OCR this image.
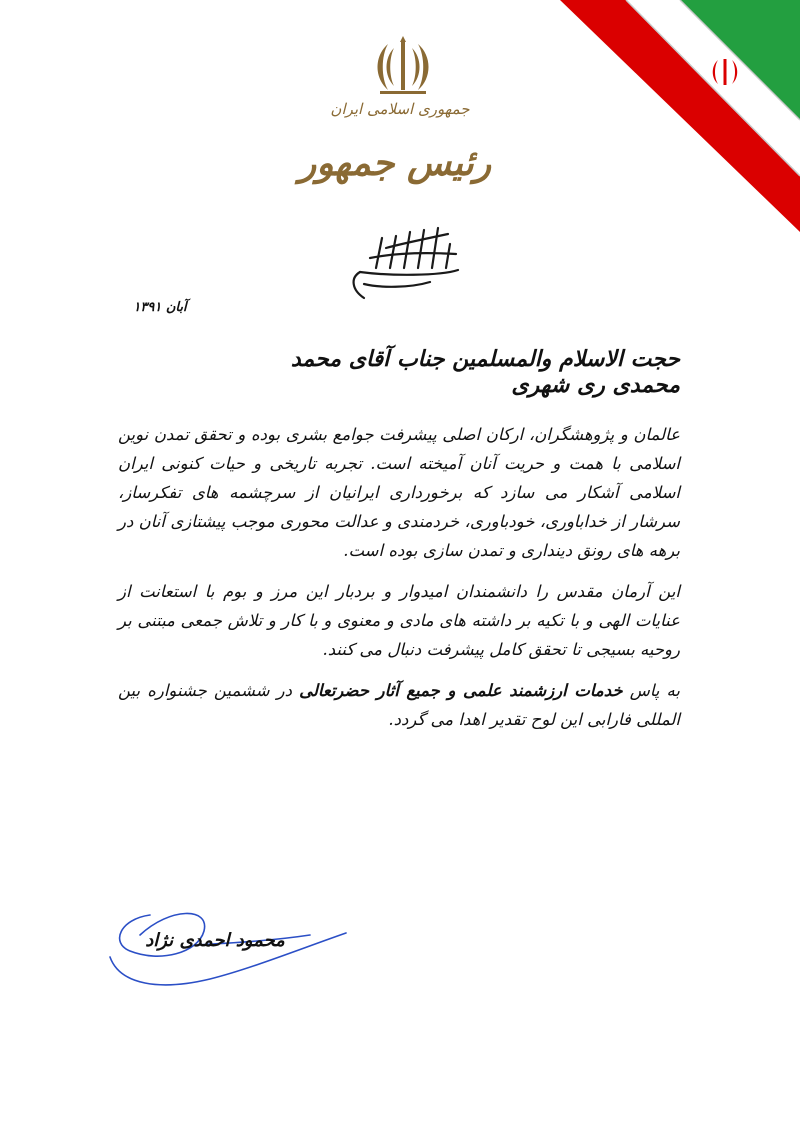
جمهوری اسلامی ایران
رئیس جمهور
آبان ۱۳۹۱
حجت الاسلام والمسلمین جناب آقای محمد محمدی ری شهری

عالمان و پژوهشگران، ارکان اصلی پیشرفت جوامع بشری بوده و تحقق تمدن نوین اسلامی با همت و حریت آنان آمیخته است. تجربه تاریخی و حیات کنونی ایران اسلامی آشکار می سازد که برخورداری ایرانیان از سرچشمه های تفکرساز، سرشار از خداباوری، خودباوری، خردمندی و عدالت محوری موجب پیشتازی آنان در برهه های رونق دینداری و تمدن سازی بوده است.

این آرمان مقدس را دانشمندان امیدوار و بردبار این مرز و بوم با استعانت از عنایات الهی و با تکیه بر داشته های مادی و معنوی و با کار و تلاش جمعی مبتنی بر روحیه بسیجی تا تحقق کامل پیشرفت دنبال می کنند.

به پاس خدمات ارزشمند علمی و جمیع آثار حضرتعالی در ششمین جشنواره بین المللی فارابی این لوح تقدیر اهدا می گردد.

محمود احمدی نژاد
